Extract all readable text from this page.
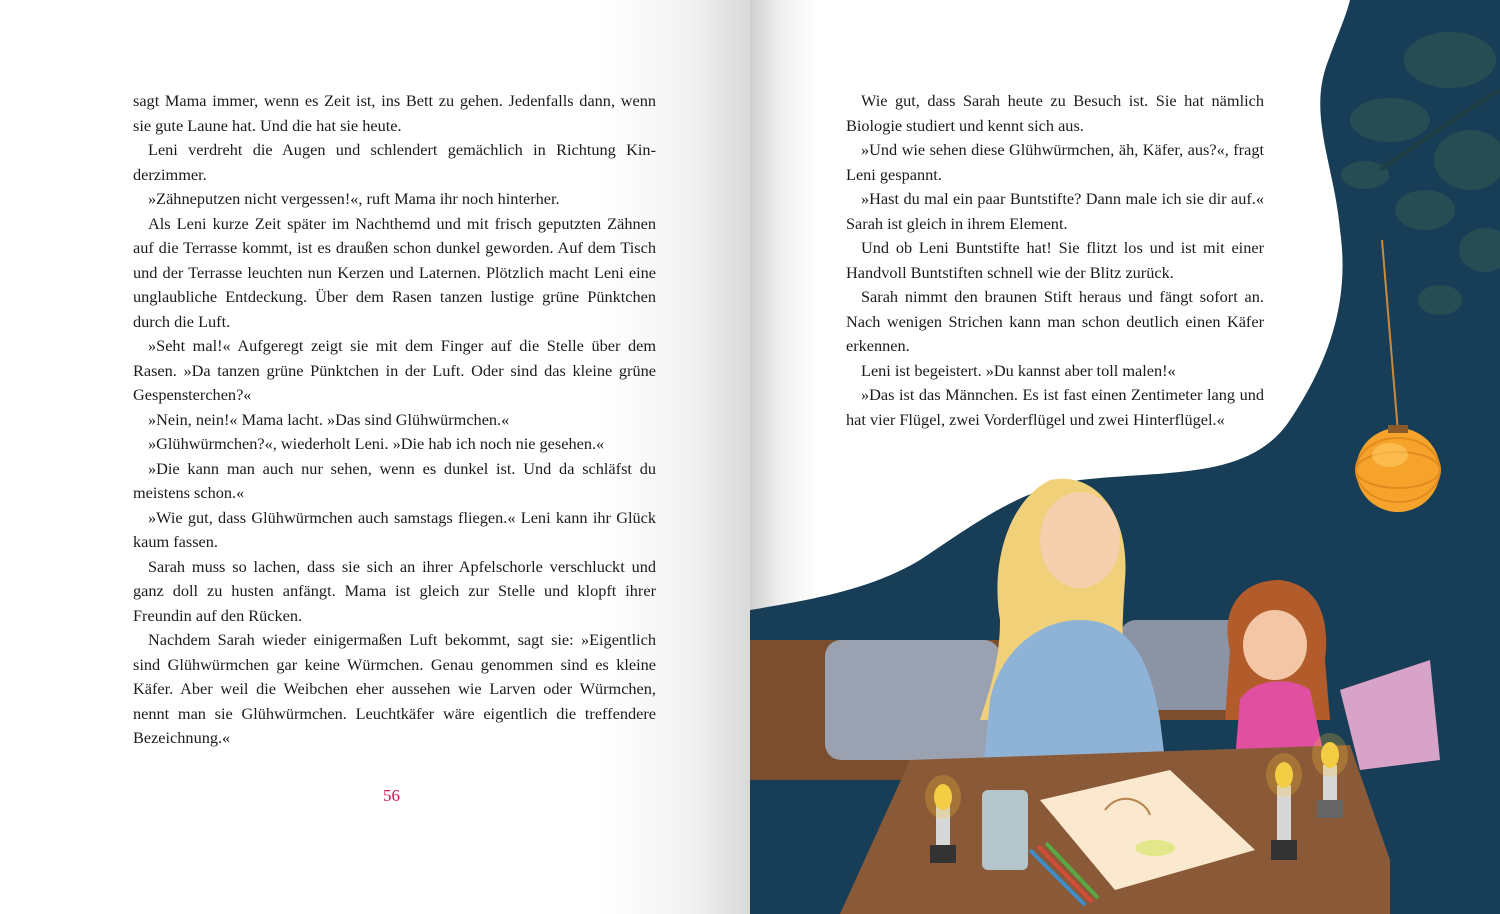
sagt Mama immer, wenn es Zeit ist, ins Bett zu gehen. Jedenfalls dann, wenn sie gute Laune hat. Und die hat sie heute.

Leni verdreht die Augen und schlendert gemächlich in Richtung Kinderzimmer.

»Zähneputzen nicht vergessen!«, ruft Mama ihr noch hinterher.

Als Leni kurze Zeit später im Nachthemd und mit frisch geputzten Zähnen auf die Terrasse kommt, ist es draußen schon dunkel geworden. Auf dem Tisch und der Terrasse leuchten nun Kerzen und Laternen. Plötzlich macht Leni eine unglaubliche Entdeckung. Über dem Rasen tanzen lustige grüne Pünktchen durch die Luft.

»Seht mal!« Aufgeregt zeigt sie mit dem Finger auf die Stelle über dem Rasen. »Da tanzen grüne Pünktchen in der Luft. Oder sind das kleine grüne Gespensterchen?«

»Nein, nein!« Mama lacht. »Das sind Glühwürmchen.«

»Glühwürmchen?«, wiederholt Leni. »Die hab ich noch nie gesehen.«

»Die kann man auch nur sehen, wenn es dunkel ist. Und da schläfst du meistens schon.«

»Wie gut, dass Glühwürmchen auch samstags fliegen.« Leni kann ihr Glück kaum fassen.

Sarah muss so lachen, dass sie sich an ihrer Apfelschorle verschluckt und ganz doll zu husten anfängt. Mama ist gleich zur Stelle und klopft ihrer Freundin auf den Rücken.

Nachdem Sarah wieder einigermaßen Luft bekommt, sagt sie: »Eigentlich sind Glühwürmchen gar keine Würmchen. Genau genommen sind es kleine Käfer. Aber weil die Weibchen eher aussehen wie Larven oder Würmchen, nennt man sie Glühwürmchen. Leuchtkäfer wäre eigentlich die treffendere Bezeichnung.«

56

Wie gut, dass Sarah heute zu Besuch ist. Sie hat nämlich Biologie studiert und kennt sich aus.

»Und wie sehen diese Glühwürmchen, äh, Käfer, aus?«, fragt Leni gespannt.

»Hast du mal ein paar Buntstifte? Dann male ich sie dir auf.« Sarah ist gleich in ihrem Element.

Und ob Leni Buntstifte hat! Sie flitzt los und ist mit einer Handvoll Buntstiften schnell wie der Blitz zurück.

Sarah nimmt den braunen Stift heraus und fängt sofort an. Nach wenigen Strichen kann man schon deutlich einen Käfer erkennen.

Leni ist begeistert. »Du kannst aber toll malen!«

»Das ist das Männchen. Es ist fast einen Zentimeter lang und hat vier Flügel, zwei Vorderflügel und zwei Hinterflügel.«
